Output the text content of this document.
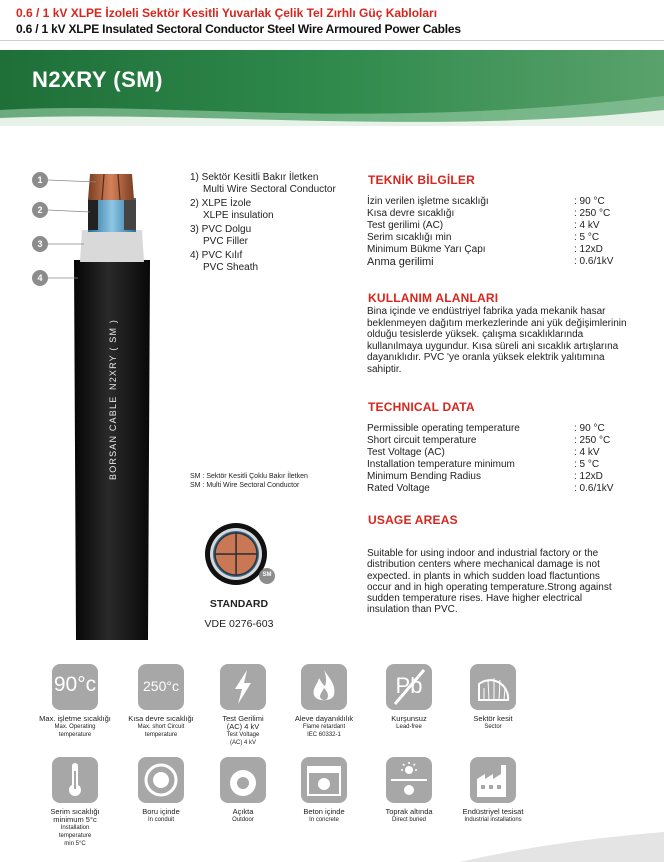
0.6 / 1 kV XLPE İzoleli Sektör Kesitli Yuvarlak Çelik Tel Zırhlı Güç Kabloları
0.6 / 1 kV XLPE Insulated Sectoral Conductor Steel Wire Armoured Power Cables
N2XRY (SM)
1
2
3
4
BORSAN CABLE
N2XRY ( SM )
1) Sektör Kesitli Bakır İletken
Multi Wire Sectoral Conductor
2) XLPE İzole
XLPE insulation
3) PVC Dolgu
PVC Filler
4) PVC Kılıf
PVC Sheath
SM : Sektör Kesitli Çoklu Bakır İletken
SM : Multi Wire Sectoral Conductor
SM
STANDARD
VDE 0276-603
TEKNİK BİLGİLER
İzin verilen işletme sıcaklığı	: 90 °C
Kısa devre sıcaklığı	: 250 °C
Test gerilimi (AC)	: 4 kV
Serim sıcaklığı min	: 5 °C
Minimum Bükme Yarı Çapı	: 12xD
Anma gerilimi	: 0.6/1kV
KULLANIM ALANLARI
Bina içinde ve endüstriyel fabrika yada mekanik hasar
beklenmeyen dağıtım merkezlerinde ani yük değişimlerinin
olduğu tesislerde yüksek. çalışma sıcaklıklarında
kullanılmaya uygundur. Kısa süreli ani sıcaklık artışlarına
dayanıklıdır. PVC 'ye oranla yüksek elektrik yalıtımına
sahiptir.
TECHNICAL DATA
Permissible operating temperature	: 90 °C
Short circuit temperature	: 250 °C
Test Voltage (AC)	: 4 kV
Installation temperature minimum	: 5 °C
Minimum Bending Radius	: 12xD
Rated Voltage	: 0.6/1kV
USAGE AREAS
Suitable for using indoor and industrial factory or the
distribution centers where mechanical damage is not
expected. in plants in which sudden load flactuntions
occur and in high operating temperature.Strong against
sudden temperature rises. Have higher electrical
insulation than PVC.
90°c
Max. işletme sıcaklığı
Max. Operating
temperature
250°c
Kısa devre sıcaklığı
Max. short Circuit
temperature
Test Gerilimi
(AC) 4 kV
Test Voltage
(AC) 4 kV
Aleve dayanıklılık
Flame retardant
IEC 60332-1
Pb
Kurşunsuz
Lead-free
Sektör kesit
Sector
Serim sıcaklığı
minimum 5°c
Installation
temperature
min 5°C
Boru içinde
In conduit
Açıkta
Outdoor
Beton içinde
In concrete
Toprak altında
Direct buried
Endüstriyel tesisat
Industrial installations
